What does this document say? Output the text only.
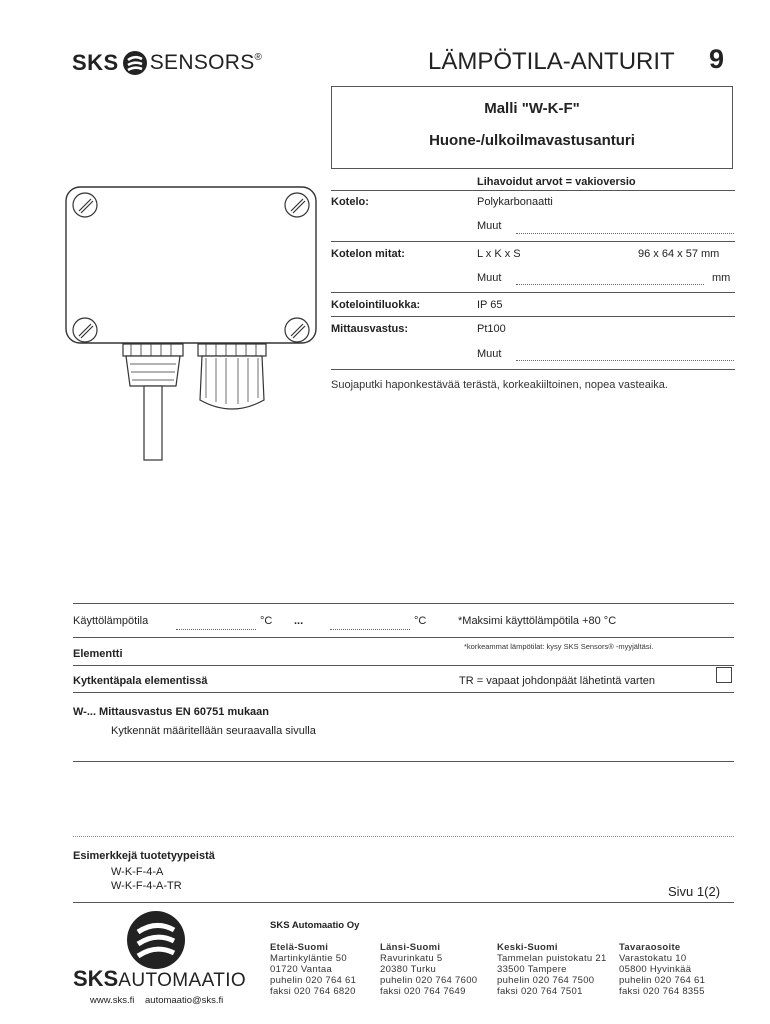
SKS SENSORS ®	LÄMPÖTILA-ANTURIT 9
Malli "W-K-F"
Huone-/ulkoilmavastusanturi
Lihavoidut arvot = vakioversio
Kotelo:	Polykarbonaatti
Muut
Kotelon mitat:	L x K x S	96 x 64 x 57 mm
Muut	mm
Kotelointiluokka:	IP 65
Mittausvastus:	Pt100
Muut
Suojaputki haponkestävää terästä, korkeakiiltoinen, nopea vasteaika.
Käyttölämpötila	°C ...	°C	*Maksimi käyttölämpötila +80 °C
*korkeammat lämpötilat: kysy SKS Sensors® -myyjältäsi.
Elementti
Kytkentäpala elementissä	TR = vapaat johdonpäät lähetintä varten
W-... Mittausvastus EN 60751 mukaan
Kytkennät määritellään seuraavalla sivulla
Esimerkkejä tuotetyypeistä
W-K-F-4-A
W-K-F-4-A-TR	Sivu 1(2)
SKSAUTOMAATIO
www.sks.fi automaatio@sks.fi
SKS Automaatio Oy
Etelä-Suomi
Martinkyläntie 50
01720 Vantaa
puhelin 020 764 61
faksi 020 764 6820
Länsi-Suomi
Ravurinkatu 5
20380 Turku
puhelin 020 764 7600
faksi 020 764 7649
Keski-Suomi
Tammelan puistokatu 21
33500 Tampere
puhelin 020 764 7500
faksi 020 764 7501
Tavaraosoite
Varastokatu 10
05800 Hyvinkää
puhelin 020 764 61
faksi 020 764 8355
